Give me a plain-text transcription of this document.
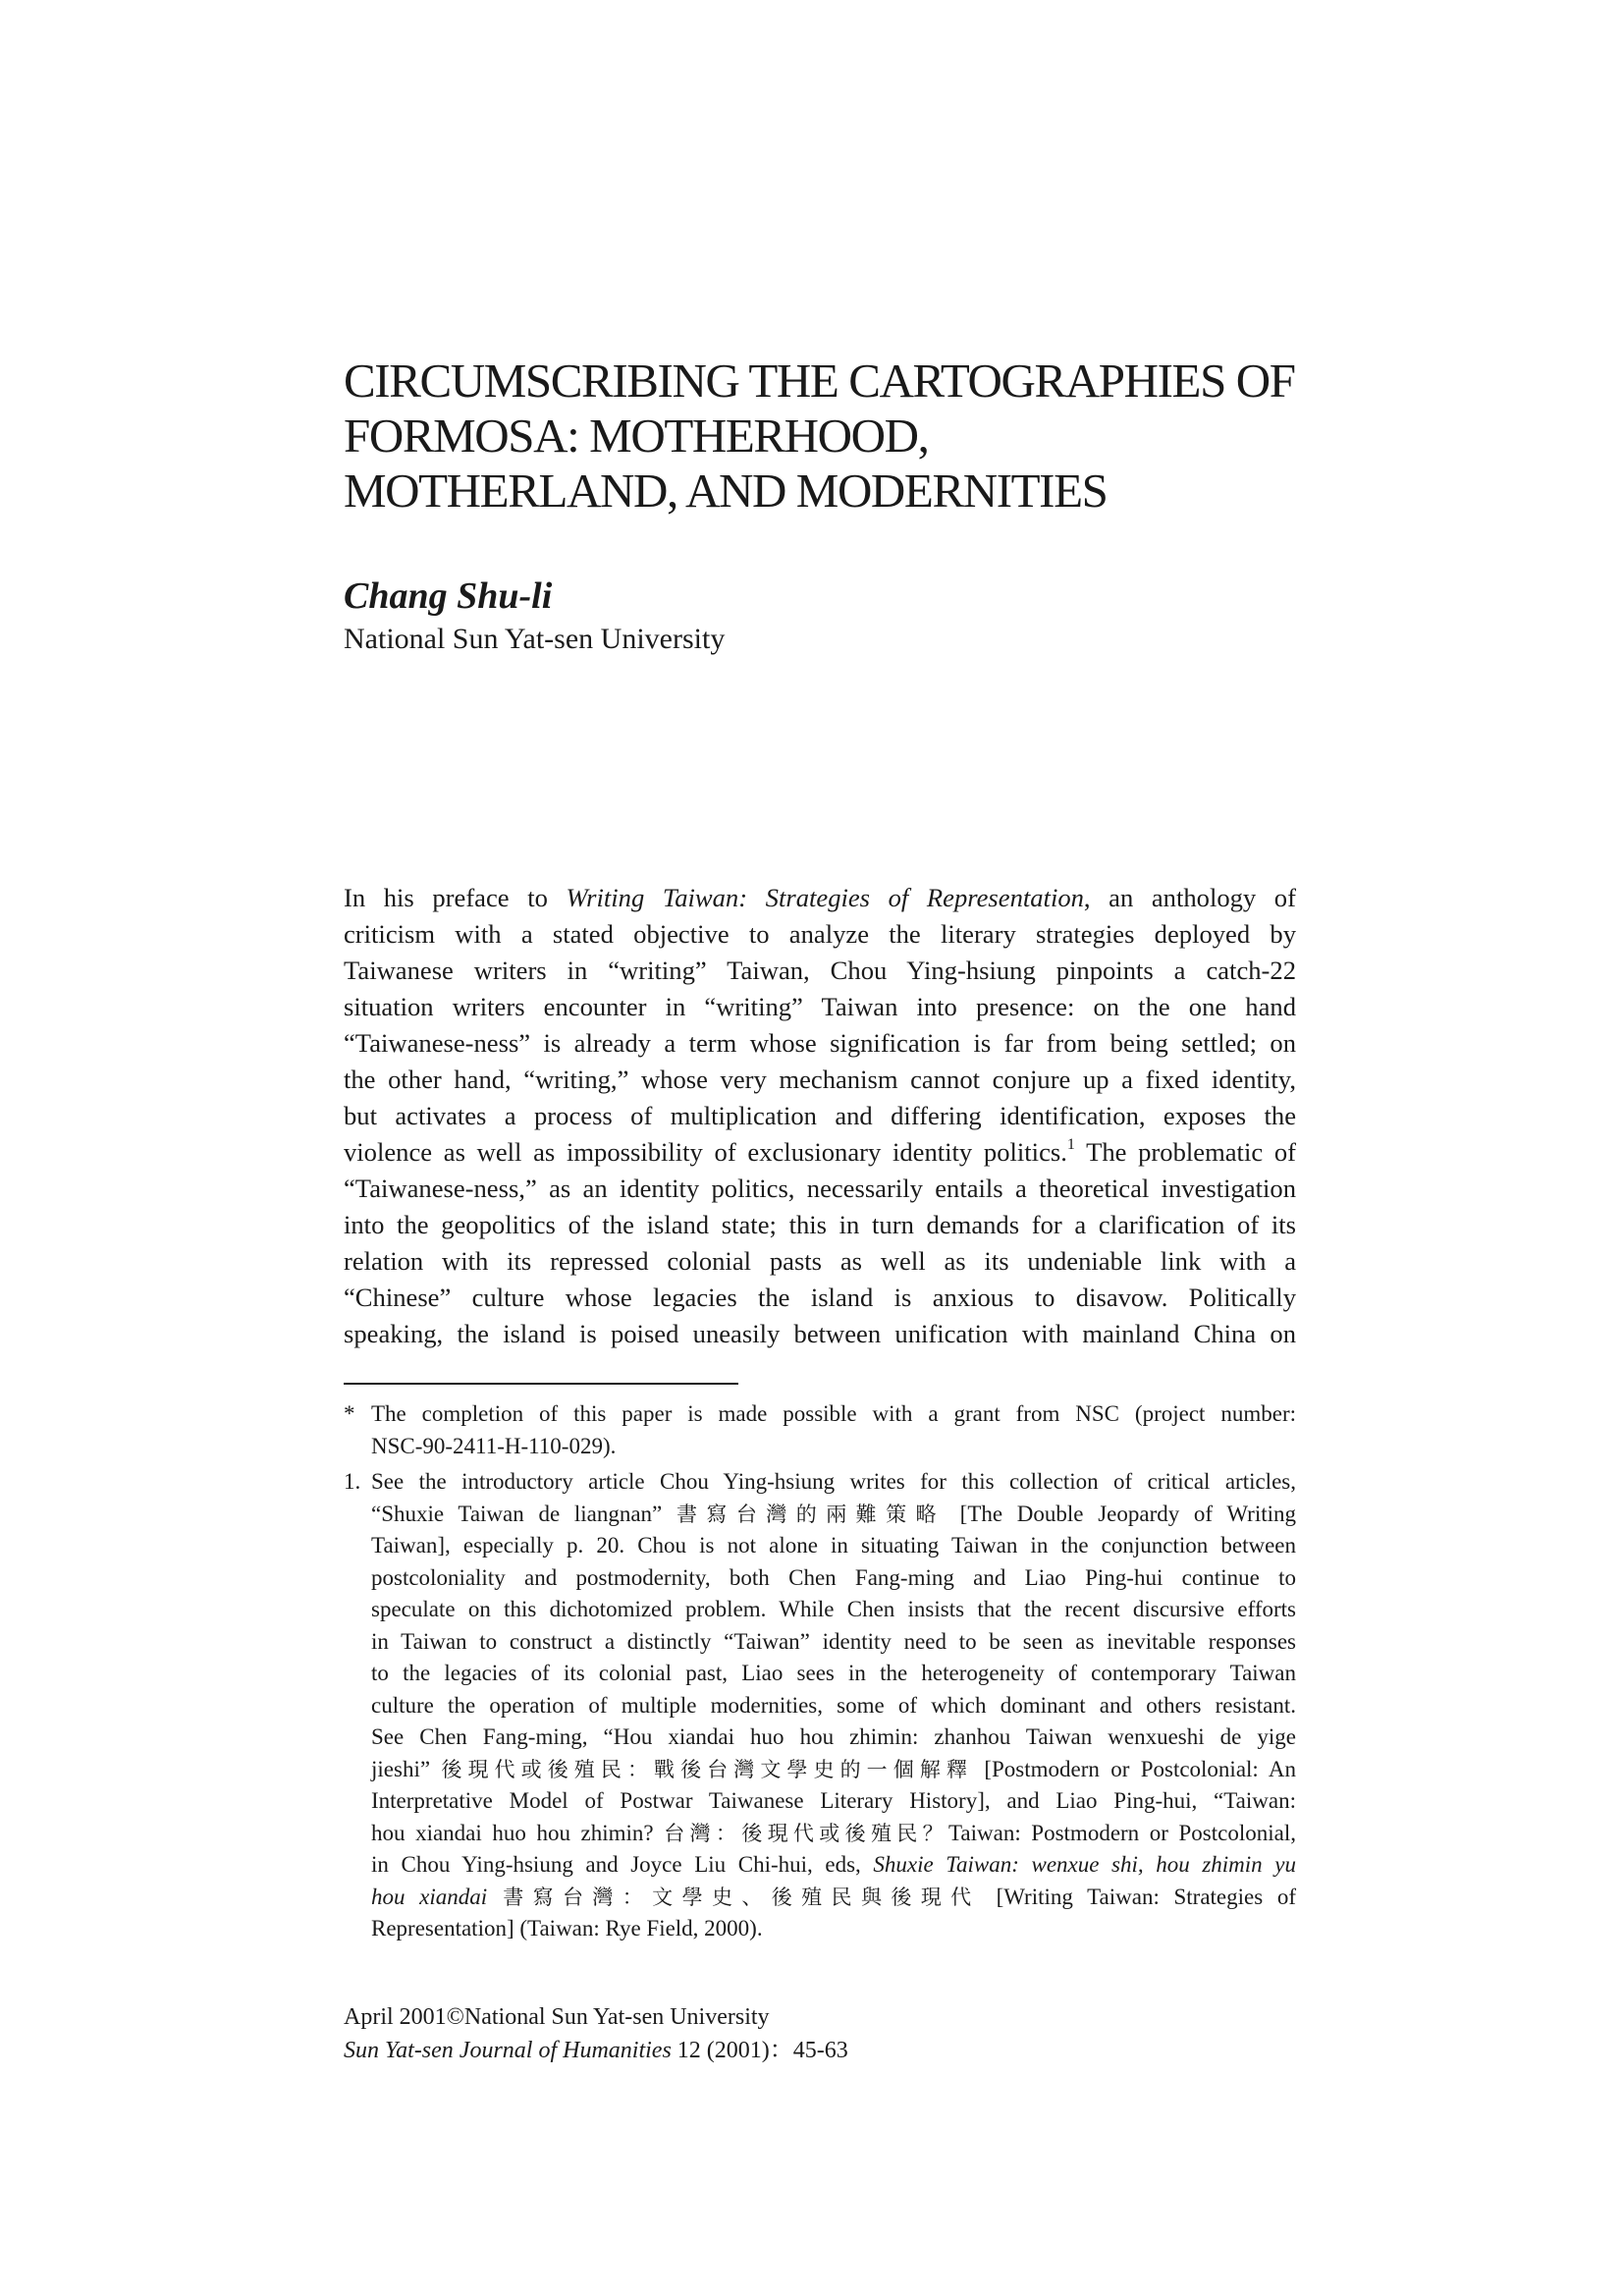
CIRCUMSCRIBING THE CARTOGRAPHIES OF
FORMOSA: MOTHERHOOD,
MOTHERLAND, AND MODERNITIES
Chang Shu-li
National Sun Yat-sen University
In his preface to Writing Taiwan: Strategies of Representation, an anthology of
criticism with a stated objective to analyze the literary strategies deployed by
Taiwanese writers in “writing” Taiwan, Chou Ying-hsiung pinpoints a catch-22
situation writers encounter in “writing” Taiwan into presence: on the one hand
“Taiwanese-ness” is already a term whose signification is far from being settled; on
the other hand, “writing,” whose very mechanism cannot conjure up a fixed identity,
but activates a process of multiplication and differing identification, exposes the
violence as well as impossibility of exclusionary identity politics.$^1$ The problematic of
“Taiwanese-ness,” as an identity politics, necessarily entails a theoretical investigation
into the geopolitics of the island state; this in turn demands for a clarification of its
relation with its repressed colonial pasts as well as its undeniable link with a
“Chinese” culture whose legacies the island is anxious to disavow. Politically
speaking, the island is poised uneasily between unification with mainland China on
* The completion of this paper is made possible with a grant from NSC (project number:
NSC-90-2411-H-110-029).
1. See the introductory article Chou Ying-hsiung writes for this collection of critical articles,
“Shuxie Taiwan de liangnan” 書寫台灣的兩難策略 [The Double Jeopardy of Writing
Taiwan], especially p. 20. Chou is not alone in situating Taiwan in the conjunction between
postcoloniality and postmodernity, both Chen Fang-ming and Liao Ping-hui continue to
speculate on this dichotomized problem. While Chen insists that the recent discursive efforts
in Taiwan to construct a distinctly “Taiwan” identity need to be seen as inevitable responses
to the legacies of its colonial past, Liao sees in the heterogeneity of contemporary Taiwan
culture the operation of multiple modernities, some of which dominant and others resistant.
See Chen Fang-ming, “Hou xiandai huo hou zhimin: zhanhou Taiwan wenxueshi de yige
jieshi” 後現代或後殖民：戰後台灣文學史的一個解釋 [Postmodern or Postcolonial: An
Interpretative Model of Postwar Taiwanese Literary History], and Liao Ping-hui, “Taiwan:
hou xiandai huo hou zhimin? 台灣：後現代或後殖民？Taiwan: Postmodern or Postcolonial,
in Chou Ying-hsiung and Joyce Liu Chi-hui, eds, Shuxie Taiwan: wenxue shi, hou zhimin yu
hou xiandai 書寫台灣：文學史、後殖民與後現代 [Writing Taiwan: Strategies of
Representation] (Taiwan: Rye Field, 2000).
April 2001©National Sun Yat-sen University
Sun Yat-sen Journal of Humanities 12 (2001)：45-63
